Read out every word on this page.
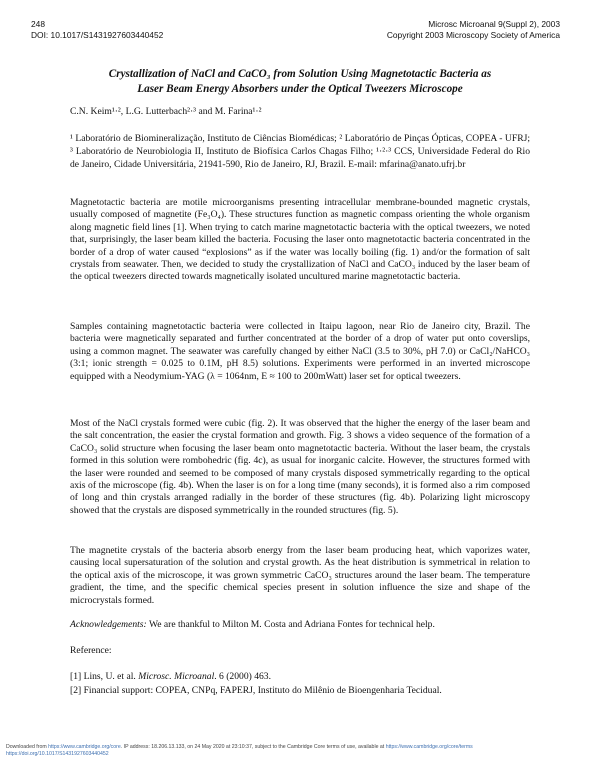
248
DOI: 10.1017/S1431927603440452
Microsc Microanal 9(Suppl 2), 2003
Copyright 2003 Microscopy Society of America
Crystallization of NaCl and CaCO₃ from Solution Using Magnetotactic Bacteria as
Laser Beam Energy Absorbers under the Optical Tweezers Microscope
C.N. Keim¹·², L.G. Lutterbach²·³ and M. Farina¹·²
¹ Laboratório de Biomineralização, Instituto de Ciências Biomédicas; ² Laboratório de Pinças Ópticas, COPEA - UFRJ; ³ Laboratório de Neurobiologia II, Instituto de Biofísica Carlos Chagas Filho; ¹·²·³ CCS, Universidade Federal do Rio de Janeiro, Cidade Universitária, 21941-590, Rio de Janeiro, RJ, Brazil. E-mail: mfarina@anato.ufrj.br
Magnetotactic bacteria are motile microorganisms presenting intracellular membrane-bounded magnetic crystals, usually composed of magnetite (Fe₃O₄). These structures function as magnetic compass orienting the whole organism along magnetic field lines [1]. When trying to catch marine magnetotactic bacteria with the optical tweezers, we noted that, surprisingly, the laser beam killed the bacteria. Focusing the laser onto magnetotactic bacteria concentrated in the border of a drop of water caused “explosions” as if the water was locally boiling (fig. 1) and/or the formation of salt crystals from seawater. Then, we decided to study the crystallization of NaCl and CaCO₃ induced by the laser beam of the optical tweezers directed towards magnetically isolated uncultured marine magnetotactic bacteria.
Samples containing magnetotactic bacteria were collected in Itaipu lagoon, near Rio de Janeiro city, Brazil. The bacteria were magnetically separated and further concentrated at the border of a drop of water put onto coverslips, using a common magnet. The seawater was carefully changed by either NaCl (3.5 to 30%, pH 7.0) or CaCl₂/NaHCO₃ (3:1; ionic strength = 0.025 to 0.1M, pH 8.5) solutions. Experiments were performed in an inverted microscope equipped with a Neodymium-YAG (λ = 1064nm, E ≈ 100 to 200mWatt) laser set for optical tweezers.
Most of the NaCl crystals formed were cubic (fig. 2). It was observed that the higher the energy of the laser beam and the salt concentration, the easier the crystal formation and growth. Fig. 3 shows a video sequence of the formation of a CaCO₃ solid structure when focusing the laser beam onto magnetotactic bacteria. Without the laser beam, the crystals formed in this solution were rombohedric (fig. 4c), as usual for inorganic calcite. However, the structures formed with the laser were rounded and seemed to be composed of many crystals disposed symmetrically regarding to the optical axis of the microscope (fig. 4b). When the laser is on for a long time (many seconds), it is formed also a rim composed of long and thin crystals arranged radially in the border of these structures (fig. 4b). Polarizing light microscopy showed that the crystals are disposed symmetrically in the rounded structures (fig. 5).
The magnetite crystals of the bacteria absorb energy from the laser beam producing heat, which vaporizes water, causing local supersaturation of the solution and crystal growth. As the heat distribution is symmetrical in relation to the optical axis of the microscope, it was grown symmetric CaCO₃ structures around the laser beam. The temperature gradient, the time, and the specific chemical species present in solution influence the size and shape of the microcrystals formed.
Acknowledgements: We are thankful to Milton M. Costa and Adriana Fontes for technical help.
Reference:
[1] Lins, U. et al. Microsc. Microanal. 6 (2000) 463.
[2] Financial support: COPEA, CNPq, FAPERJ, Instituto do Milênio de Bioengenharia Tecidual.
Downloaded from https://www.cambridge.org/core. IP address: 18.206.13.133, on 24 May 2020 at 23:10:37, subject to the Cambridge Core terms of use, available at https://www.cambridge.org/core/terms
https://doi.org/10.1017/S1431927603440452
